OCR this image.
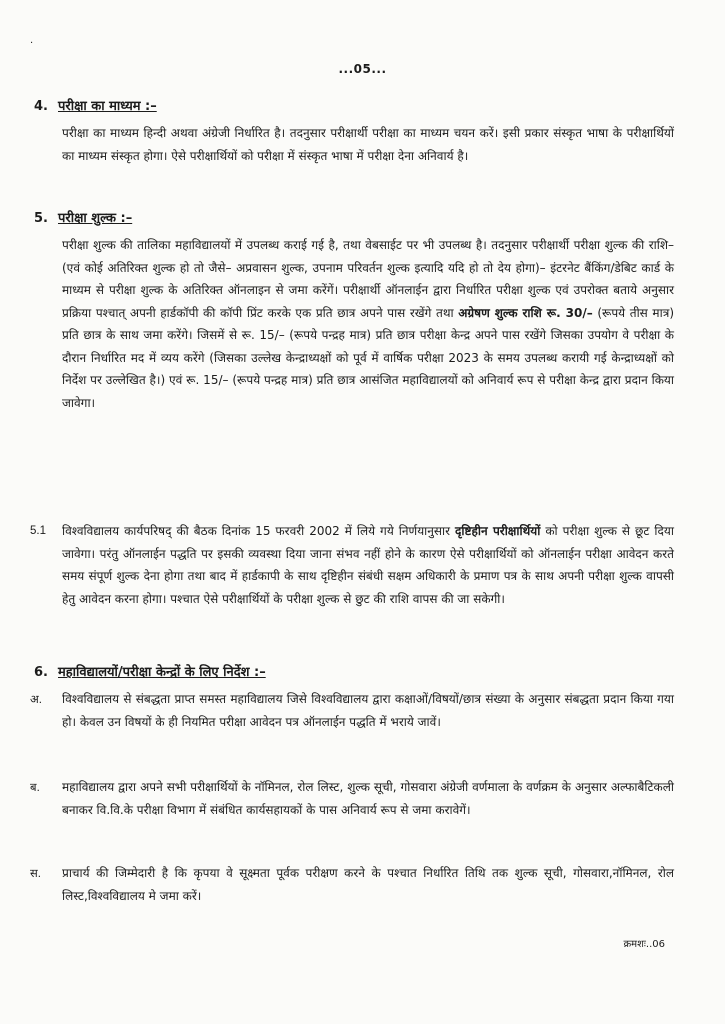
·
...05...
4. परीक्षा का माध्यम :–
परीक्षा का माध्यम हिन्दी अथवा अंग्रेजी निर्धारित है। तदनुसार परीक्षार्थी परीक्षा का माध्यम चयन करें। इसी प्रकार संस्कृत भाषा के परीक्षार्थियों का माध्यम संस्कृत होगा। ऐसे परीक्षार्थियों को परीक्षा में संस्कृत भाषा में परीक्षा देना अनिवार्य है।
5. परीक्षा शुल्क :–
परीक्षा शुल्क की तालिका महाविद्यालयों में उपलब्ध कराई गई है, तथा वेबसाईट पर भी उपलब्ध है। तदनुसार परीक्षार्थी परीक्षा शुल्क की राशि–(एवं कोई अतिरिक्त शुल्क हो तो जैसे– अप्रवासन शुल्क, उपनाम परिवर्तन शुल्क इत्यादि यदि हो तो देय होगा)– इंटरनेट बैंकिंग/डेबिट कार्ड के माध्यम से परीक्षा शुल्क के अतिरिक्त ऑनलाइन से जमा करेंगें। परीक्षार्थी ऑनलाईन द्वारा निर्धारित परीक्षा शुल्क एवं उपरोक्त बताये अनुसार प्रक्रिया पश्चात् अपनी हार्डकॉपी की कॉपी प्रिंट करके एक प्रति छात्र अपने पास रखेंगे तथा अग्रेषण शुल्क राशि रू. 30/– (रूपये तीस मात्र) प्रति छात्र के साथ जमा करेंगे। जिसमें से रू. 15/– (रूपये पन्द्रह मात्र) प्रति छात्र परीक्षा केन्द्र अपने पास रखेंगे जिसका उपयोग वे परीक्षा के दौरान निर्धारित मद में व्यय करेंगे (जिसका उल्लेख केन्द्राध्यक्षों को पूर्व में वार्षिक परीक्षा 2023 के समय उपलब्ध करायी गई केन्द्राध्यक्षों को निर्देश पर उल्लेखित है।) एवं रू. 15/– (रूपये पन्द्रह मात्र) प्रति छात्र आसंजित महाविद्यालयों को अनिवार्य रूप से परीक्षा केन्द्र द्वारा प्रदान किया जावेगा।
5.1 विश्वविद्यालय कार्यपरिषद् की बैठक दिनांक 15 फरवरी 2002 में लिये गये निर्णयानुसार दृष्टिहीन परीक्षार्थियों को परीक्षा शुल्क से छूट दिया जावेगा। परंतु ऑनलाईन पद्धति पर इसकी व्यवस्था दिया जाना संभव नहीं होने के कारण ऐसे परीक्षार्थियों को ऑनलाईन परीक्षा आवेदन करते समय संपूर्ण शुल्क देना होगा तथा बाद में हार्डकापी के साथ दृष्टिहीन संबंधी सक्षम अधिकारी के प्रमाण पत्र के साथ अपनी परीक्षा शुल्क वापसी हेतु आवेदन करना होगा। पश्चात ऐसे परीक्षार्थियों के परीक्षा शुल्क से छुट की राशि वापस की जा सकेगी।
6. महाविद्यालयों/परीक्षा केन्द्रों के लिए निर्देश :–
अ. विश्वविद्यालय से संबद्धता प्राप्त समस्त महाविद्यालय जिसे विश्वविद्यालय द्वारा कक्षाओं/विषयों/छात्र संख्या के अनुसार संबद्धता प्रदान किया गया हो। केवल उन विषयों के ही नियमित परीक्षा आवेदन पत्र ऑनलाईन पद्धति में भराये जावें।
ब. महाविद्यालय द्वारा अपने सभी परीक्षार्थियों के नॉमिनल, रोल लिस्ट, शुल्क सूची, गोसवारा अंग्रेजी वर्णमाला के वर्णक्रम के अनुसार अल्फाबैटिकली बनाकर वि.वि.के परीक्षा विभाग में संबंधित कार्यसहायकों के पास अनिवार्य रूप से जमा करावेगें।
स. प्राचार्य की जिम्मेदारी है कि कृपया वे सूक्ष्मता पूर्वक परीक्षण करने के पश्चात निर्धारित तिथि तक शुल्क सूची, गोसवारा,नॉमिनल, रोल लिस्ट,विश्वविद्यालय मे जमा करें।
क्रमशः..06
